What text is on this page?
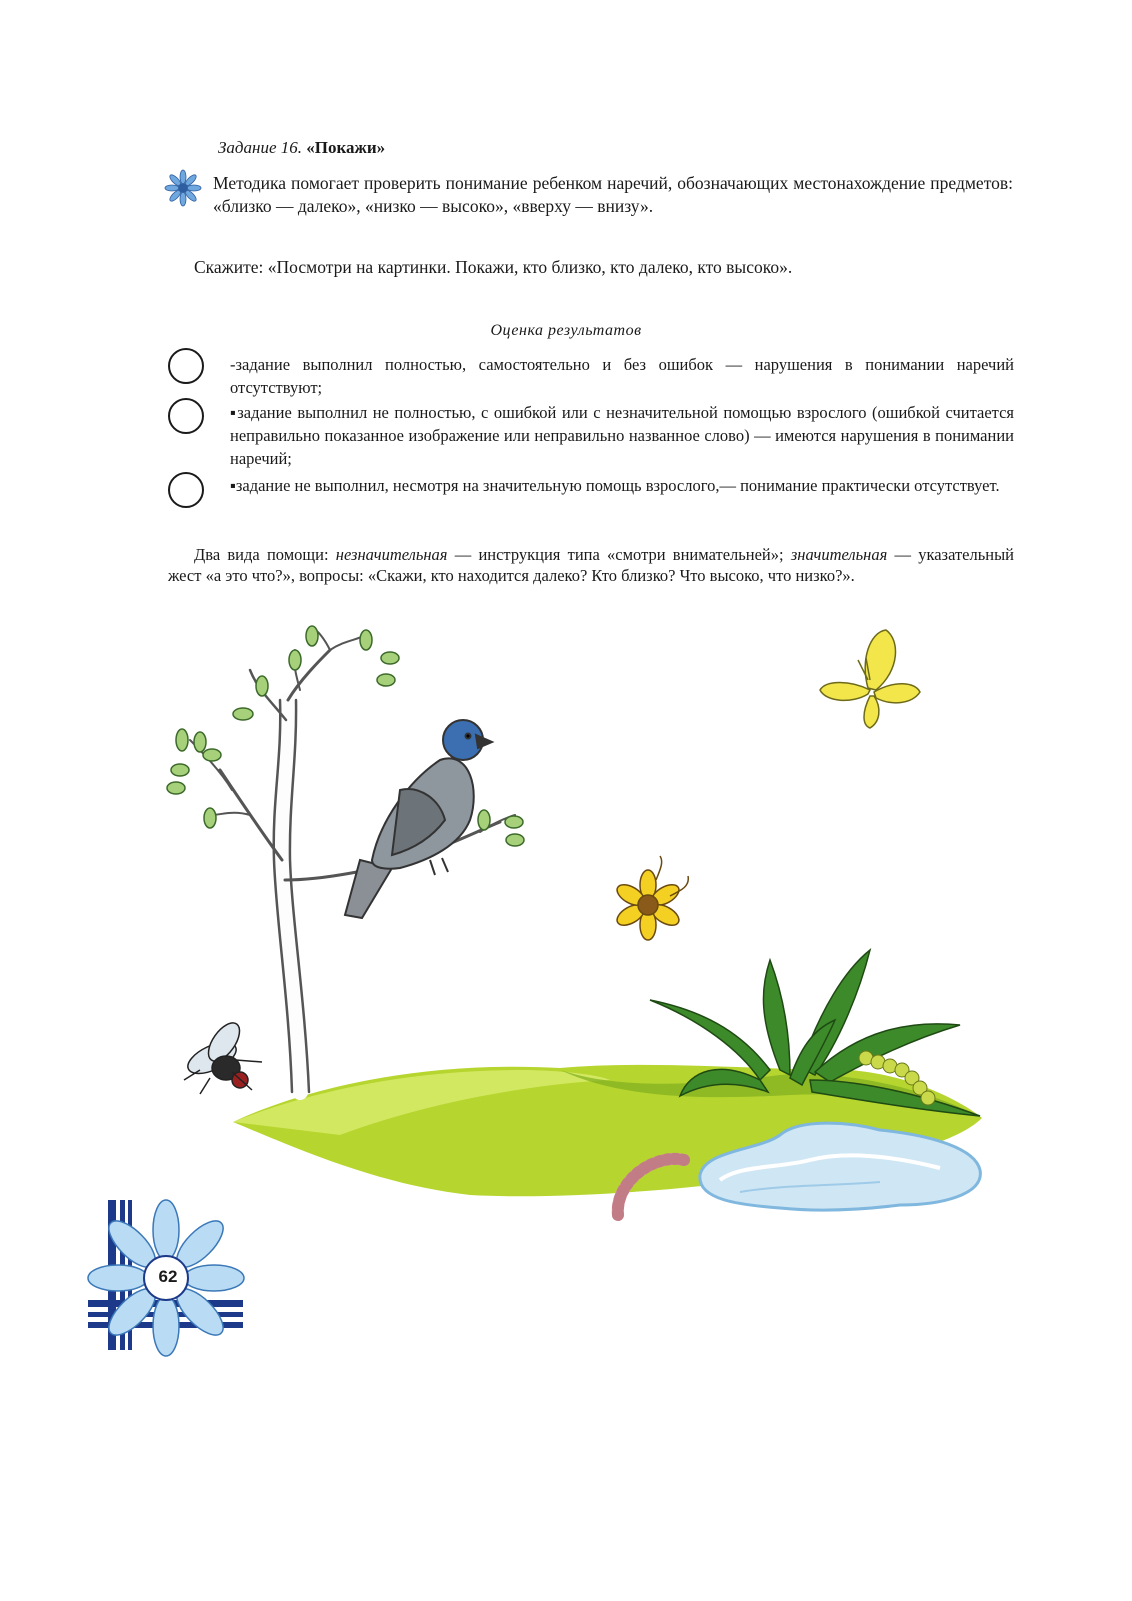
Задание 16. «Покажи»
Методика помогает проверить понимание ребенком наречий, обозначающих местонахождение предметов: «близко — далеко», «низко — высоко», «вверху — внизу».
Скажите: «Посмотри на картинки. Покажи, кто близко, кто далеко, кто высоко».
Оценка результатов
-задание выполнил полностью, самостоятельно и без ошибок — нарушения в понимании наречий отсутствуют;
▪задание выполнил не полностью, с ошибкой или с незначительной помощью взрослого (ошибкой считается неправильно показанное изображение или неправильно названное слово) — имеются нарушения в понимании наречий;
▪задание не выполнил, несмотря на значительную помощь взрослого,— понимание практически отсутствует.
Два вида помощи: незначительная — инструкция типа «смотри внимательней»; значительная — указательный жест «а это что?», вопросы: «Скажи, кто находится далеко? Кто близко? Что высоко, что низко?».
62
